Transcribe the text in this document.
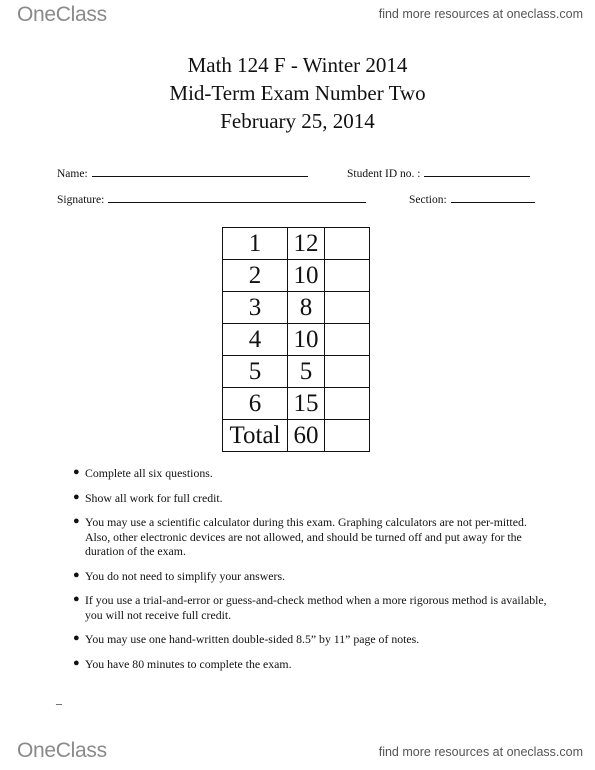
OneClass	find more resources at oneclass.com
Math 124 F - Winter 2014
Mid-Term Exam Number Two
February 25, 2014
Name:	Student ID no. :
Signature:	Section:
1	12	
2	10	
3	8	
4	10	
5	5	
6	15	
Total	60	
● Complete all six questions.
● Show all work for full credit.
● You may use a scientific calculator during this exam. Graphing calculators are not per-mitted. Also, other electronic devices are not allowed, and should be turned off and put away for the duration of the exam.
● You do not need to simplify your answers.
● If you use a trial-and-error or guess-and-check method when a more rigorous method is available, you will not receive full credit.
● You may use one hand-written double-sided 8.5” by 11” page of notes.
● You have 80 minutes to complete the exam.
–
OneClass	find more resources at oneclass.com
